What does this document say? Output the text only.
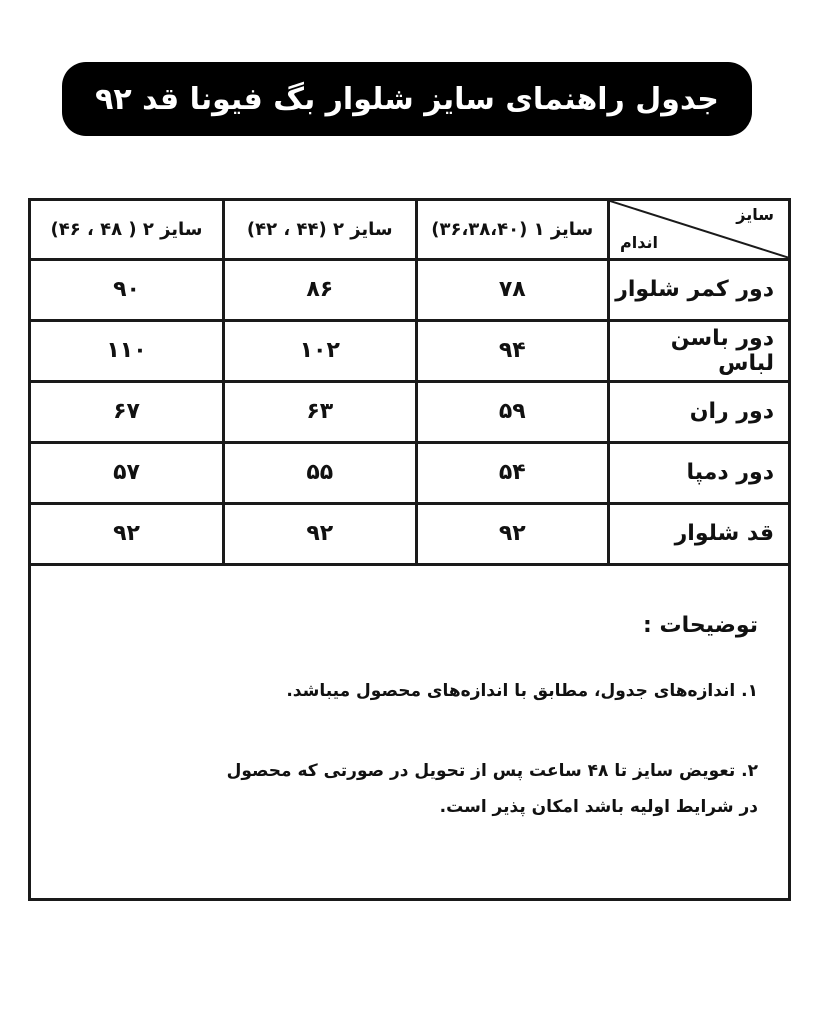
جدول راهنمای سایز شلوار بگ فیونا قد ۹۲
سایز
اندام	سایز ۱ (۳۶،۳۸،۴۰)	سایز ۲ (۴۴ ، ۴۲)	سایز ۲ ( ۴۸ ، ۴۶)
دور کمر شلوار	۷۸	۸۶	۹۰
دور باسن لباس	۹۴	۱۰۲	۱۱۰
دور ران	۵۹	۶۳	۶۷
دور دمپا	۵۴	۵۵	۵۷
قد شلوار	۹۲	۹۲	۹۲
توضیحات :
۱. اندازه‌های جدول، مطابق با اندازه‌های محصول میباشد.
۲. تعویض سایز تا ۴۸ ساعت پس از تحویل در صورتی که محصول
در شرایط اولیه باشد امکان پذیر است.
